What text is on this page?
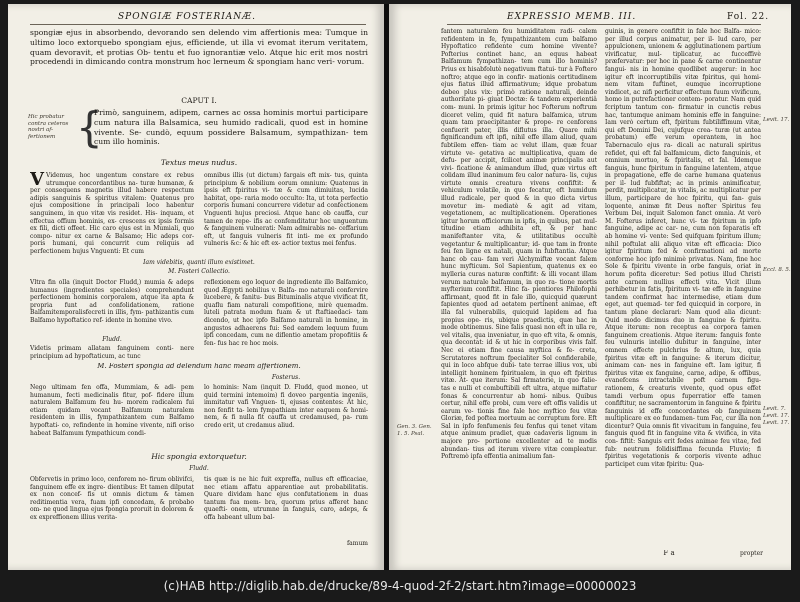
SPONGIÆ FOSTERIANÆ.
spongiæ ejus in absorbendo, devorando sen delendo vim affertionis mea: Tumque in ultimo loco extorquebo spongiam ejus, efficiende, ut illa vi evomat iterum veritatem, quam devoravit, et protias Ob- tentu et fuo ignorantiæ velo. Atque hic erit mos nostri procedendi in dimicando contra monstrum hoc lerneum & spongiam hanc veri- vorum.
CAPUT I.
Hic probatur contra ceteros nostri af- fertionem {
Primò, sanguinem, adipem, carnes ac ossa hominis mortui participare cum natura illa Balsamica, seu humido radicali, quod est in homine vivente. Se- cundò, equum possidere Balsamum, sympathizan- tem cum illo hominis.
Textus meus nudus.
V Videmus, hoc ungentum constare ex rebus utrumque concordantibus na- turæ humanæ, & per consequens magnetis illud habere respectum adipis sanguinis & spiritus vitalem: Quatenus pro ejus compositione in principali loco habentur sanguinem, in quo vitæ vis residet. His- inquam, et effectua offium hominis, ex- crescens ex ipsis formis ex fili, dicti offeet. Hic caro ejus est in Mumiali, quo compo- nitur ex carne & Balsamo; Hic adeps cor- poris humani, qui concurrit cum reliquis ad perfectionem hujus Vnguenti: Et cum
omnibus illis (ut dictum) fargais eft mix- tus, quinta principium & nobilium eorum omnium: Quatenus in ipsis eft fpiritus vi- tæ & cum dimiuitas, lucida habitat, ope- raria modo occulto: Ita, ut tota perfectio corporis humani concurrere videtur ad confectionem Vnguenti hujus preciosi. Atque hanc ob cauffa, cur tamen de repe- ifis ac confemditatur hoc unguentum & fanguinem vulnerati: Nam admirabis ne- ceffarium eft, ut fanguis vulneris fit inti- me ex profundo vulneris &c: & hic eft ex- actior textus mei fenfus.
Iam videbitis, quanti illum existimet.
M. Fosteri Collectio.
Vltra fin olla (inquit Doctor Fludd,) mumia & adeps humanus (ingredientes speciales) comprehendunt perfectionem hominis corporalem, atque ita apta & propria funt ad confolidationem, ratione Balfamitemporalisfecreti in illis, fym- pathizantis cum Balfamo hypoftatico ref- idente in homine vivo.
Fludd.
Videtis primam allatam fanguinem conti- nere principium ad hypoftaticum, ac tunc
reflexionem ego loquor de ingrediente illo Balfamico, quod Ægypti nobilius v. Balfa- mo naturali confervire lucebere, & fanitu- bus Bituminalis atque vivificat fit, quaflu fiam naturali compofitione, mirè quemadm. luteli patrata modum fuam & ut ftaftiaedaci- tam dicendo, ut hoc ipfo Balfamo naturali in homine, in angustos adhaerens fui: Sed eamdem lequum fuum ipfi concedam, cum ne diflentio ametam propofitiis & fen- fus hac re hoc mois.
M. Fosteri spongia ad delendum hanc meam affertionem.
Fosterus.
Nego ultimam fen offa, Mummiam, & adi- pem humanum, fecti medicinalis fitur, pof- fidere illum naturalem Balfamum feu hu- morem radicalem fui etiam quidam vocant Balfamum naturalem residentem in illis, fympathizantem cum Balfamo hypoftati- co, refindente in homine vivente, nifi oriso habeat Balfamum fympathicum condi-
lo hominis: Nam (inquit D. Fludd, quod moneo, ut quid termini intemoim) fi doveo pargentia ingeniis, immitatur vafi Vnguen- ti, ejusas contentes: At hic, non fenfit ta- lem fympathiam inter eaquem & homi- nem, & fi nulla fit cauffa ut credamused, pa- rum credo erit, ut credamus aliud.
Hic spongia extorquetur.
Fludd.
Obfervetis in primo loco, cenforem no- firum oblivifci, fanguinem effe ex ingre- dientibus: Et tamen dilputat ex non concef- fis ut omnis dictum & tamen reditimentia vera, fuam ipfi concedam, & probabo om- ne quod lingua ejus fpongia proruit in dolorem & ex expreffionem illius verita-
tis quæ is ne hic fuit expreffa, nullus eft efficaciae, nec etiam affatu apparentiae aut probabilitatis. Quare dividam hanc ejus confutationem in duas tantum fua mem- bra, quorum prius afferet hanc quaefti- onem, utrumne in fanguis, caro, adeps, & offa habeant ullum bal-
famum
EXPRESSIO MEMB. III.	Fol. 22.
Gen. 3. Gen. 1. 5. Psal.
fantem naturalem feu humiditatem radi- calem refidentem in fe, fympathizantem cum balfamo Hypoftatico refidente cum homine vivente? Pofterius continet hanc, an equus habeat Balfamum fympathizan- tem cum illo hominis? Prius ex hisabfolutè negativum ftatui- tur à Foftero noftro; atque ego in confir- mationis certitudinem ejus fiatus illud affirmativum; idque probatum debeo plus vix: primò ratione naturali, deinde authoritate pi- giuat Doctæ: & tandem experientiâ com- muni. In primis igitur hoc Fofterum noftrum diceret velim, quid fit natura balfamica, utrum quam tam praecipitanter & prope- re cenforens cenfuerit pater, illis diflutus illa. Quare mihi fignificandum eft ipfi, nihil effe illam aliud, quam fubtilem effen- tiam ac velut illam, quæ fcuar virtute ve- getativa ac multiplicativa, quam de defu- per accipit, fcilicet animæ principalis aut vivi- ficatione & animandum illud, quæ virtus eft colidam illud inanimum feu calor natura- lis, cujus virtute omnis creatura vivens confiftit: & vehiculum volatile, in quo fecatur, eft humidum illud radicale, per quod & in quo dicta virtus movetur im- mediatè & agit ad vitam, vegetationem, ac multiplicationem. Operationes igitur horum officiorum in ipfis, in quibus, pat mul- titudine etiam adhibita eft, & per hanc manifeftanter vita, & utilitatibus occultè vegetantur & multiplicantur; id- que tam in fronte feu fen ligne ex natali, quam in fubftantia. Atque hanc ob cau- fam veri Alchymiftæ vocant falem hunc myfticum. Sol Sapientum, quatenus ex eo mylleria curas naturæ conftifit: & illi vocant illam verum naturale balfamum, in quo ra- tione mortis myfterium confiftit. Hinc fa- pientiores Philofophi affirmant, quod fit in fale illo, quicquid quærunt fapientes quod ad aetatem pertinent animae, eft illa fal vulnerabilis, quicquid lapidem ad fua propius ope- ris, ubique praedictis, quæ hac in mode obtinemus. Sine falis quasi non eft in ulla re, vel vitalis, qua inveniatur, in quo eft vita, & omnis, qua decontat: id & ut hic in corporibus vivis falf. Nec ei etiam fine causa myftica & fe- creta, Scrutatores noftrum fpecialiter Sol confiderabile, qui in loco abfque dubi- tate terrae illius vox, ubi intelligit hominem fpiritualem, in quo eft fpiritus vitæ. At- que iterum: Sal firmaterie, in quo falie- tas e nulli et combuftibili eft ultra, atque miftatur fonas & concurrentur ab homi- nibus. Quibus certur, nihil effe probi, cum vere eft offis validis ut earum ve- tionis fine fale hoc myftico feu vitæ Gloriæ, fed poftea mortuum ac corruptum fore. Eft Sal in ipfo fenfumenis feu fenfus qui tenet vitam atque animum pradiet, quæ cadaveris lignum in majore pro- portione excellenter ad te modis abundan- tius ad iterum vivere vitæ compleatur. Poftremò ipfa effentia animalium fan-
guinis, in genere confiftit in fale hoc Balfa- mico: per illud corpus animatur, per il- lud caro, per appulcionem, unionem & agglutinationem partium vivificatur, mul- tiplicatur, ac fucceffivè præfervatur: per hoc in pane & carne continentur fangui- nis in homine quodlibet augerur: in hoc igitur eft incorruptibilis vitæ fpiritus, qui homi- nem vitam fuftinet, eumque incorruptione vindicet, ac nifi perficitur effectum fuum vivificum, homo in putrefactioner contem- poratur. Nam quid fcriptum tantum con- firmatur in cunctis rebus hac, tantumque animam hominis effe in fanguine: Iam verò certum eft, fpiritum fubtiliffimum vitæ, qui eft Domini Dei, cujufque crea- turæ (ut antea probatum) effe verum operantem, in hoc Tabernaculo ejus ra- dicali ac naturali spiritus refidet, qui eft fal balfamicum, dicto fanguinis, et omnium mortuo, & fpiritalis, et fal. Idemque fanguis, hunc fpiritum in fanguine latentem, atque in propagatione, effe de carne humana quatenus per il- lud fubfiftat; ac in primis animificatur, perdit, multiplicatur, in vitalis, ac multiplicatur per illum, participare de hoc fpiritu, qui fan- guis loquente, animæ fit Deus nofter Spiritus feu Verbum Dei, inquit Salomon fanct omnia. At verò M. Fofterus inferet, hunc vi- tæ fpiritum in ipfo fanguine, adipe ac car- ne, cum non feparatis eft ab homine vi- vente: Sed quifquam fpiritum illum; nihil poftulat alii aliquo vitæ eft efficacia: Dico igitur fpiritum fed & confirmationi ad morte conforme hoc ipfo minimè privatus. Nam, fine hoc Sole & fpiritu vivente in orbe fanguis, oriat in horum pofita diceretur: Sed potius illud Christi ante carnem nullius effecti vita. Vicit illum perhibetur in fatis, fpiritum vi- tæ effe in fanguine tandem confirmat hac intermedise, etiam dum eget, aut quemad- ter fed quicquid in corpore, in tantum plane declarari: Nam quod alia dicunt: Quid modo dicimus duo in fanguine & fpiritu. Atque iterum: non receptus ea corpora tamen fanguinem creationis. Atque iterum: fanguis fonte feu vulnuris intellio dubitur in fanguine, inter omnem effecte pulchrius fe altum, lux, quia fpiritus vitæ eft in fanguine: & iterum dicitur, animam can- nes in fanguine eft. Iam igitur, fi fpiritus vitæ ex fanguine, carne, adipe, & offibus, evanefcens intractabile poft carnem figu- rationem, & creaturis vivente, quod opus effet tamdi verbum opus fuperratior effe tamen confiftitur, ne sacramentorum in fanguine & fpiritu fanguinis id effe concordantes ob fanguinem multiplicare ex eo fundamen- tum Fac, cur illa non dicentur? Quia omnis fit vivacitum in fanguine, feu fanguis quod fit in fanguine vita & vivifica, in vita con- fiftit: Sanguis erit fedes animae feu vitae, fed fub: neutrum folidisiffima fecunda Fluvio; fi fpiritus vegetationis & corporis vivente adhuc participet cum vitæ fpiritu: Qua-
Levit. 17.
Eccl. 8. 5.
Levit. 7.
Levit. 17.
Levit. 17.
F a	propter
(c)HAB http://diglib.hab.de/drucke/89-4-quod-2f-2/start.htm?image=00000023
